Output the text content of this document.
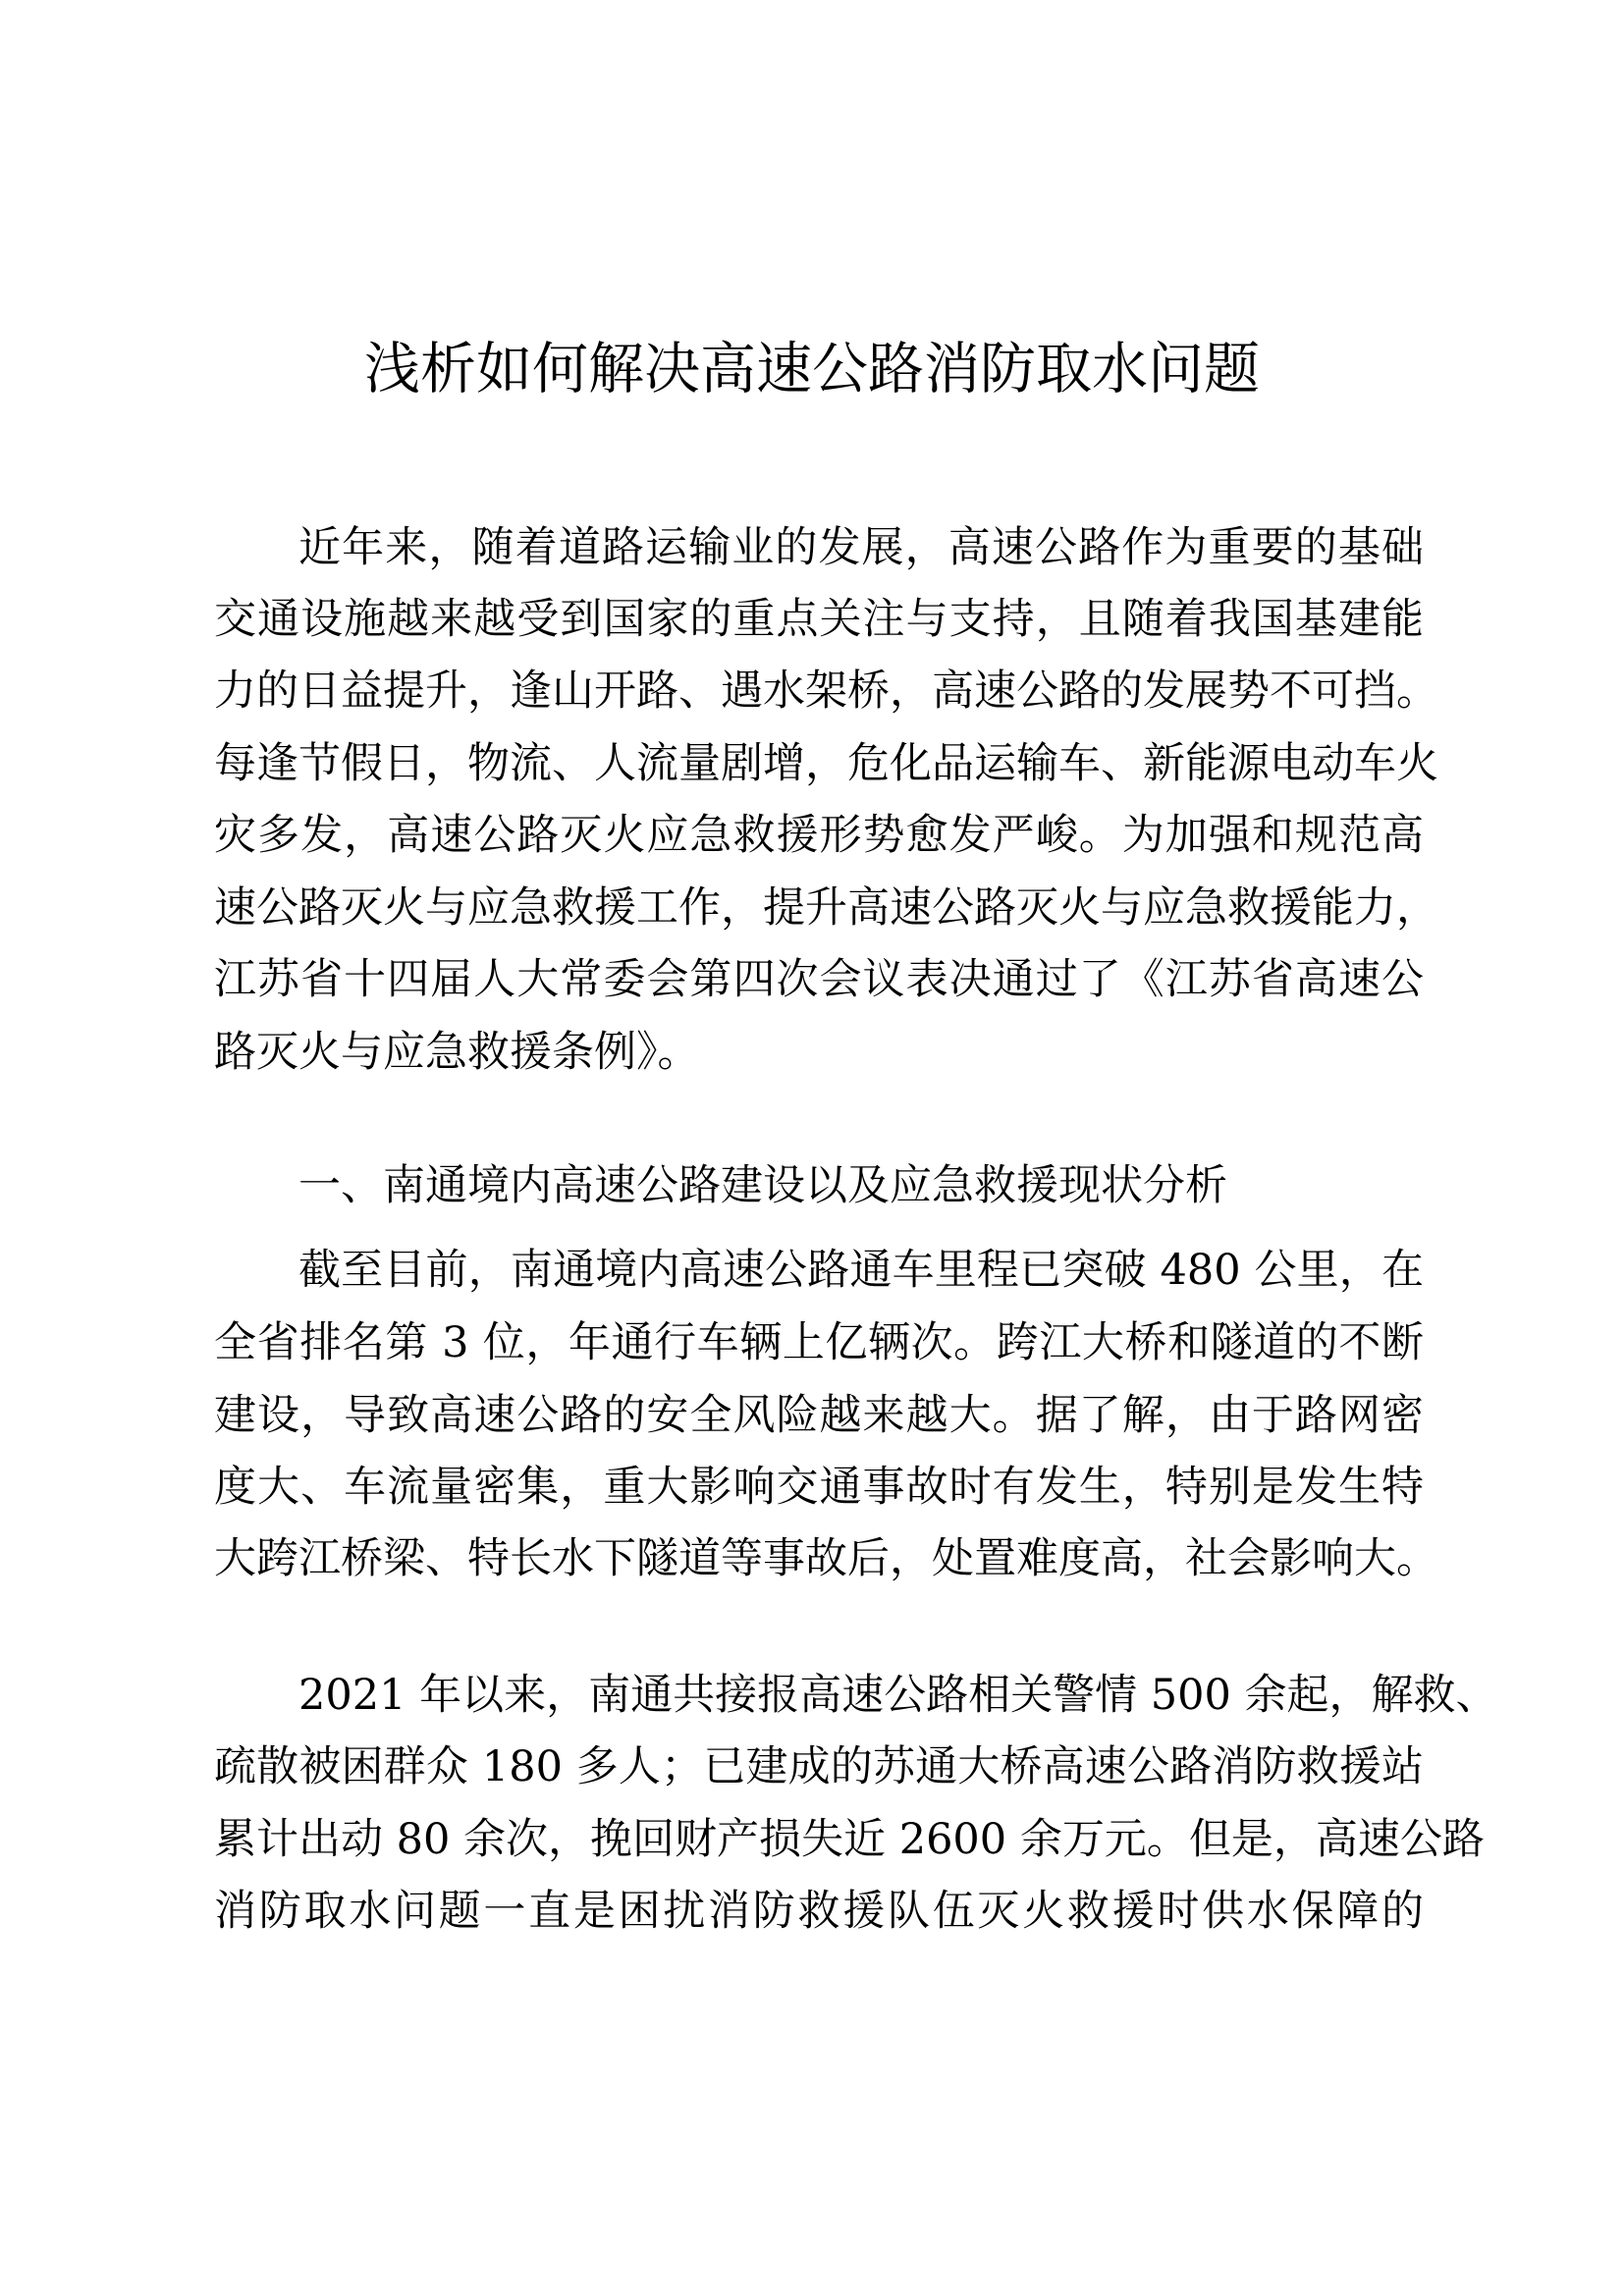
浅析如何解决高速公路消防取水问题
近年来，随着道路运输业的发展，高速公路作为重要的基础
交通设施越来越受到国家的重点关注与支持，且随着我国基建能
力的日益提升，逢山开路、遇水架桥，高速公路的发展势不可挡。
每逢节假日，物流、人流量剧增，危化品运输车、新能源电动车火
灾多发，高速公路灭火应急救援形势愈发严峻。为加强和规范高
速公路灭火与应急救援工作，提升高速公路灭火与应急救援能力，
江苏省十四届人大常委会第四次会议表决通过了《江苏省高速公
路灭火与应急救援条例》。
一、南通境内高速公路建设以及应急救援现状分析
截至目前，南通境内高速公路通车里程已突破 480 公里，在
全省排名第 3 位，年通行车辆上亿辆次。跨江大桥和隧道的不断
建设，导致高速公路的安全风险越来越大。据了解，由于路网密
度大、车流量密集，重大影响交通事故时有发生，特别是发生特
大跨江桥梁、特长水下隧道等事故后，处置难度高，社会影响大。
2021 年以来，南通共接报高速公路相关警情 500 余起，解救、
疏散被困群众 180 多人；已建成的苏通大桥高速公路消防救援站
累计出动 80 余次，挽回财产损失近 2600 余万元。但是，高速公路
消防取水问题一直是困扰消防救援队伍灭火救援时供水保障的
